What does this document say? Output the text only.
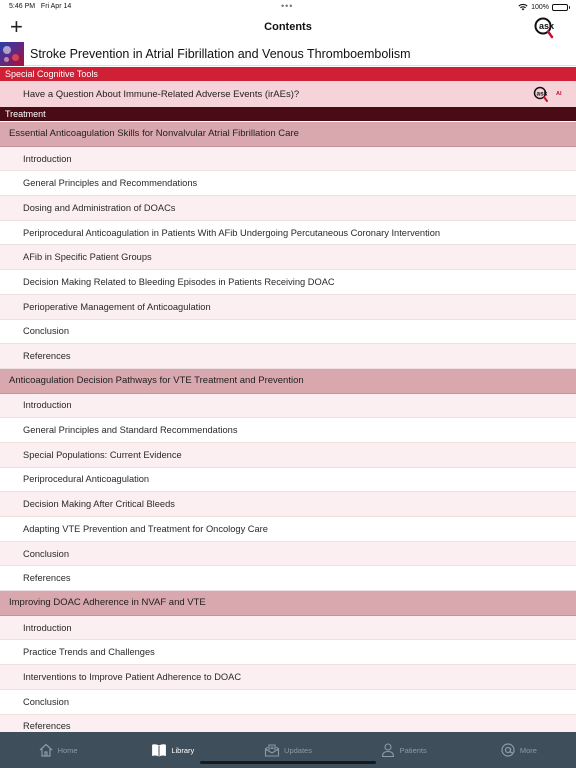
5:46 PM Fri Apr 14	•••	100%
+	Contents	ask
Stroke Prevention in Atrial Fibrillation and Venous Thromboembolism
Special Cognitive Tools
Have a Question About Immune-Related Adverse Events (irAEs)?	ask AI
Treatment
Essential Anticoagulation Skills for Nonvalvular Atrial Fibrillation Care
Introduction
General Principles and Recommendations
Dosing and Administration of DOACs
Periprocedural Anticoagulation in Patients With AFib Undergoing Percutaneous Coronary Intervention
AFib in Specific Patient Groups
Decision Making Related to Bleeding Episodes in Patients Receiving DOAC
Perioperative Management of Anticoagulation
Conclusion
References
Anticoagulation Decision Pathways for VTE Treatment and Prevention
Introduction
General Principles and Standard Recommendations
Special Populations: Current Evidence
Periprocedural Anticoagulation
Decision Making After Critical Bleeds
Adapting VTE Prevention and Treatment for Oncology Care
Conclusion
References
Improving DOAC Adherence in NVAF and VTE
Introduction
Practice Trends and Challenges
Interventions to Improve Patient Adherence to DOAC
Conclusion
References
Home	Library	Updates	Patients	More
